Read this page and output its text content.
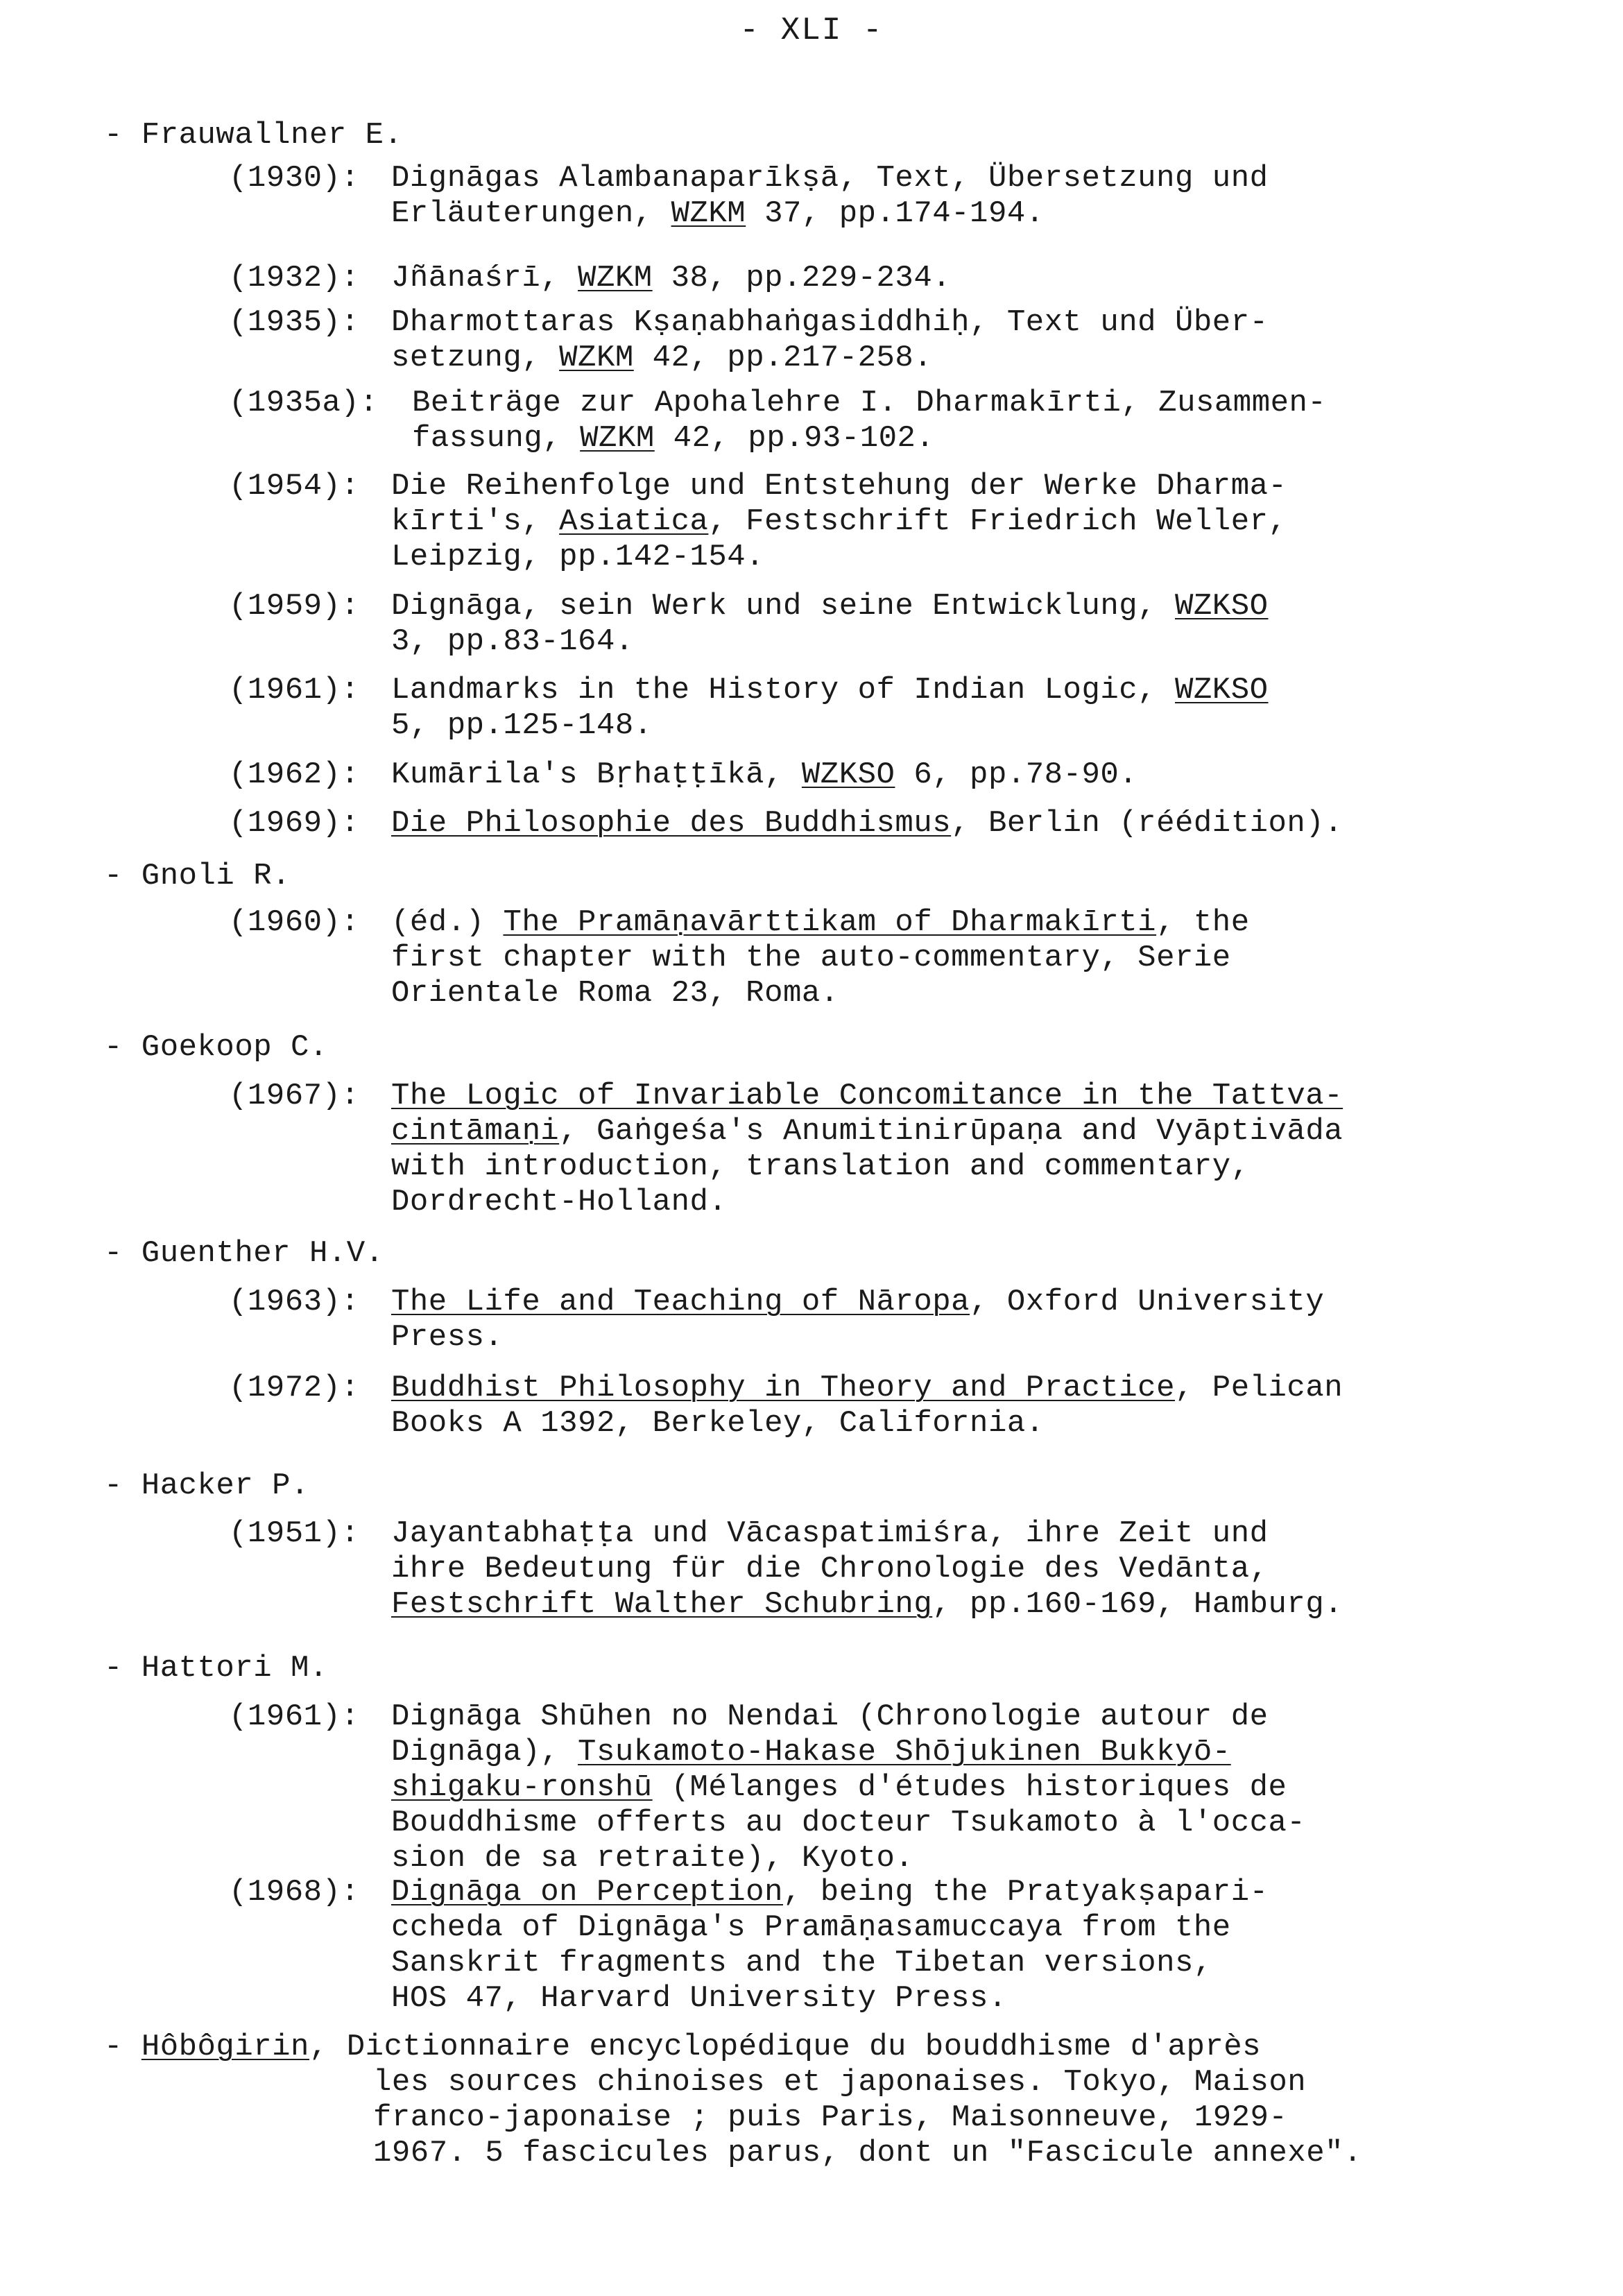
- XLI -
- Frauwallner E.
(1930): Dignāgas Alambanaparīkṣā, Text, Übersetzung und
Erläuterungen, WZKM 37, pp.174-194.
(1932): Jñānaśrī, WZKM 38, pp.229-234.
(1935): Dharmottaras Kṣaṇabhaṅgasiddhiḥ, Text und Über-
setzung, WZKM 42, pp.217-258.
(1935a): Beiträge zur Apohalehre I. Dharmakīrti, Zusammen-
fassung, WZKM 42, pp.93-102.
(1954): Die Reihenfolge und Entstehung der Werke Dharma-
kīrti's, Asiatica, Festschrift Friedrich Weller,
Leipzig, pp.142-154.
(1959): Dignāga, sein Werk und seine Entwicklung, WZKSO
3, pp.83-164.
(1961): Landmarks in the History of Indian Logic, WZKSO
5, pp.125-148.
(1962): Kumārila's Bṛhaṭṭīkā, WZKSO 6, pp.78-90.
(1969): Die Philosophie des Buddhismus, Berlin (réédition).
- Gnoli R.
(1960): (éd.) The Pramāṇavārttikam of Dharmakīrti, the
first chapter with the auto-commentary, Serie
Orientale Roma 23, Roma.
- Goekoop C.
(1967): The Logic of Invariable Concomitance in the Tattva-
cintāmaṇi, Gaṅgeśa's Anumitinirūpaṇa and Vyāptivāda
with introduction, translation and commentary,
Dordrecht-Holland.
- Guenther H.V.
(1963): The Life and Teaching of Nāropa, Oxford University
Press.
(1972): Buddhist Philosophy in Theory and Practice, Pelican
Books A 1392, Berkeley, California.
- Hacker P.
(1951): Jayantabhaṭṭa und Vācaspatimiśra, ihre Zeit und
ihre Bedeutung für die Chronologie des Vedānta,
Festschrift Walther Schubring, pp.160-169, Hamburg.
- Hattori M.
(1961): Dignāga Shūhen no Nendai (Chronologie autour de
Dignāga), Tsukamoto-Hakase Shōjukinen Bukkyō-
shigaku-ronshū (Mélanges d'études historiques de
Bouddhisme offerts au docteur Tsukamoto à l'occa-
sion de sa retraite), Kyoto.
(1968): Dignāga on Perception, being the Pratyakṣapari-
ccheda of Dignāga's Pramāṇasamuccaya from the
Sanskrit fragments and the Tibetan versions,
HOS 47, Harvard University Press.
- Hôbôgirin, Dictionnaire encyclopédique du bouddhisme d'après
les sources chinoises et japonaises. Tokyo, Maison
franco-japonaise ; puis Paris, Maisonneuve, 1929-
1967. 5 fascicules parus, dont un "Fascicule annexe".
